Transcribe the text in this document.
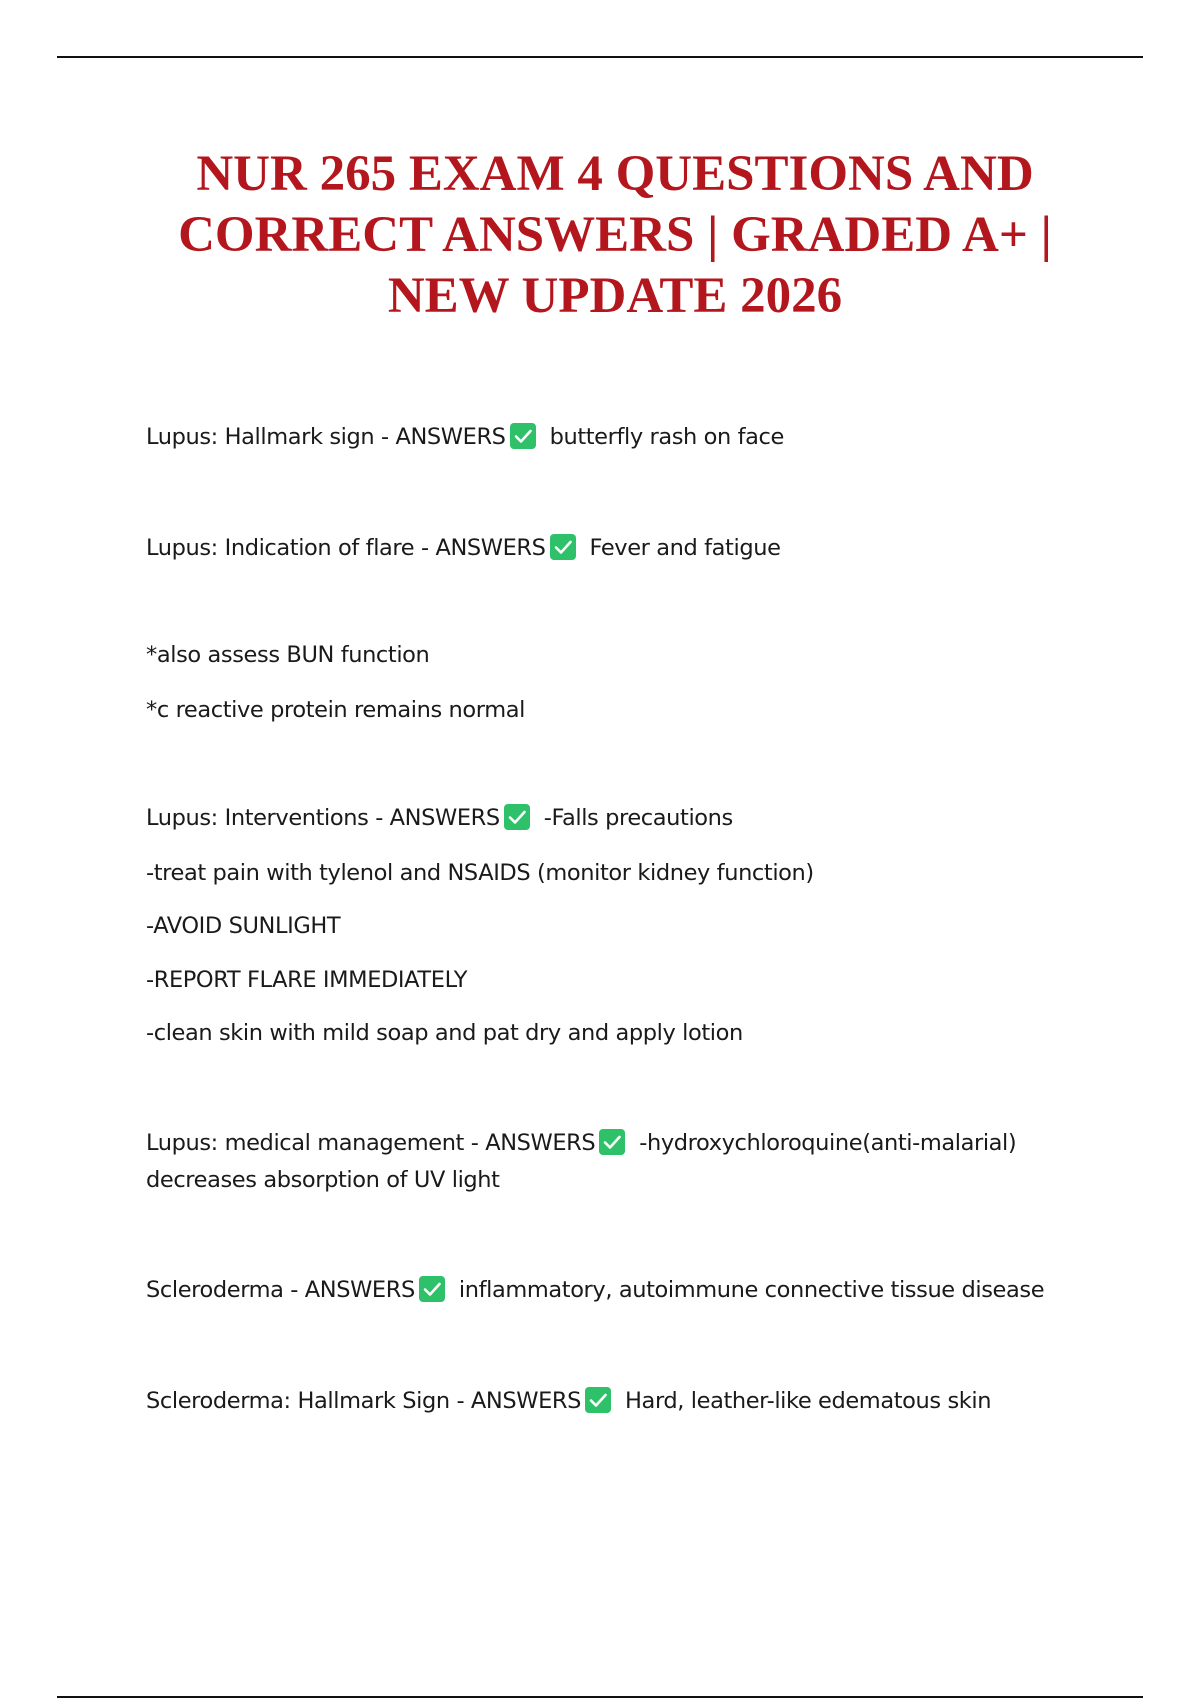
NUR 265 EXAM 4 QUESTIONS AND CORRECT ANSWERS | GRADED A+ | NEW UPDATE 2026

Lupus: Hallmark sign - ANSWERS butterfly rash on face

Lupus: Indication of flare - ANSWERS Fever and fatigue

*also assess BUN function

*c reactive protein remains normal

Lupus: Interventions - ANSWERS -Falls precautions

-treat pain with tylenol and NSAIDS (monitor kidney function)

-AVOID SUNLIGHT

-REPORT FLARE IMMEDIATELY

-clean skin with mild soap and pat dry and apply lotion

Lupus: medical management - ANSWERS -hydroxychloroquine(anti-malarial) decreases absorption of UV light

Scleroderma - ANSWERS inflammatory, autoimmune connective tissue disease

Scleroderma: Hallmark Sign - ANSWERS Hard, leather-like edematous skin
